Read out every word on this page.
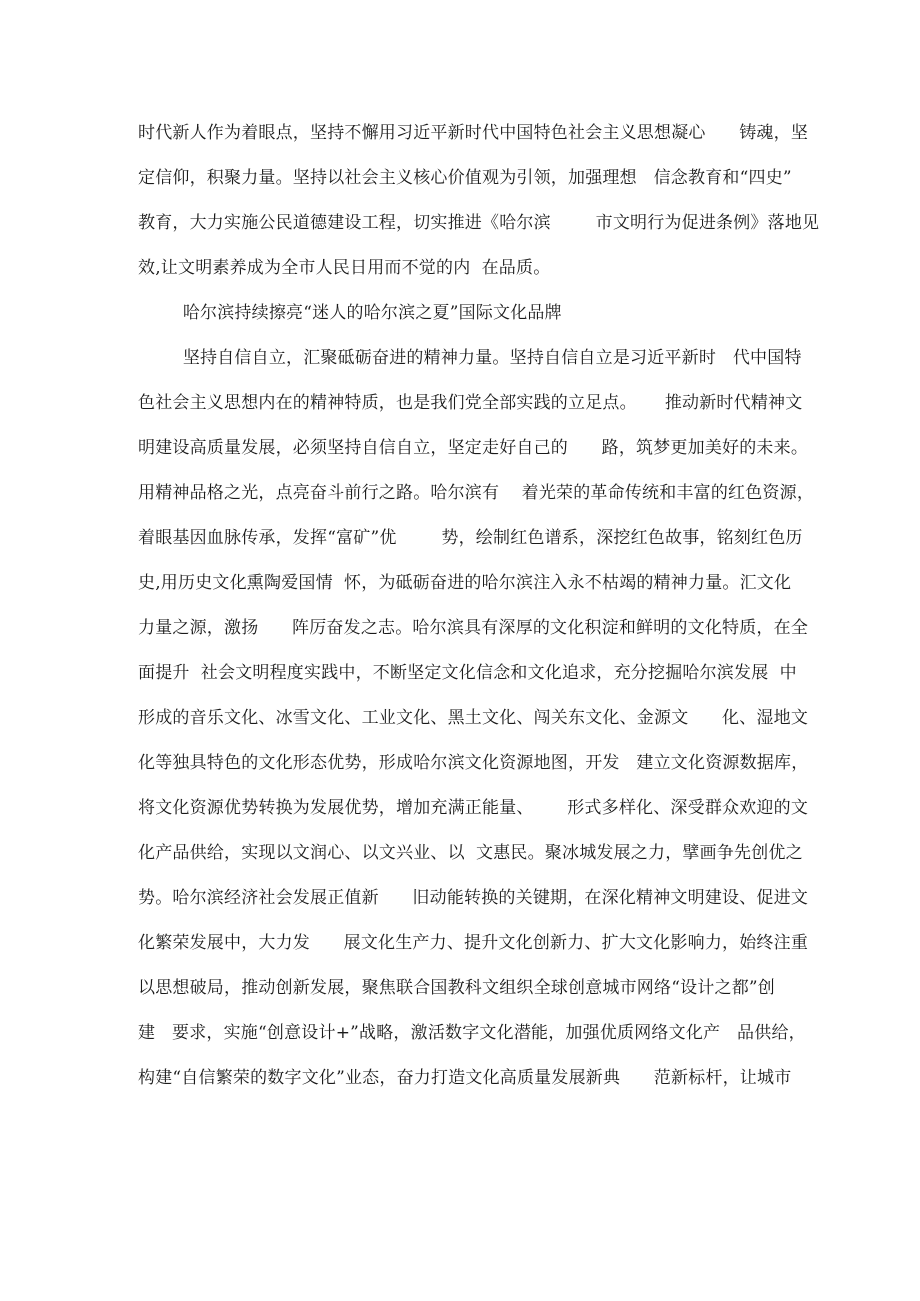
时代新人作为着眼点，坚持不懈用习近平新时代中国特色社会主义思想凝心      铸魂，坚
定信仰，积聚力量。坚持以社会主义核心价值观为引领，加强理想   信念教育和“四史”
教育，大力实施公民道德建设工程，切实推进《哈尔滨        市文明行为促进条例》落地见
效,让文明素养成为全市人民日用而不觉的内  在品质。
哈尔滨持续擦亮“迷人的哈尔滨之夏”国际文化品牌
坚持自信自立，汇聚砥砺奋进的精神力量。坚持自信自立是习近平新时   代中国特
色社会主义思想内在的精神特质，也是我们党全部实践的立足点。     推动新时代精神文
明建设高质量发展，必须坚持自信自立，坚定走好自己的      路，筑梦更加美好的未来。
用精神品格之光，点亮奋斗前行之路。哈尔滨有    着光荣的革命传统和丰富的红色资源，
着眼基因血脉传承，发挥“富矿”优        势，绘制红色谱系，深挖红色故事，铭刻红色历
史,用历史文化熏陶爱国情  怀，为砥砺奋进的哈尔滨注入永不枯竭的精神力量。汇文化
力量之源，激扬      阵厉奋发之志。哈尔滨具有深厚的文化积淀和鲜明的文化特质，在全
面提升  社会文明程度实践中，不断坚定文化信念和文化追求，充分挖掘哈尔滨发展  中
形成的音乐文化、冰雪文化、工业文化、黑土文化、闯关东文化、金源文      化、湿地文
化等独具特色的文化形态优势，形成哈尔滨文化资源地图，开发   建立文化资源数据库，
将文化资源优势转换为发展优势，增加充满正能量、      形式多样化、深受群众欢迎的文
化产品供给，实现以文润心、以文兴业、以  文惠民。聚冰城发展之力，擘画争先创优之
势。哈尔滨经济社会发展正值新      旧动能转换的关键期，在深化精神文明建设、促进文
化繁荣发展中，大力发      展文化生产力、提升文化创新力、扩大文化影响力，始终注重
以思想破局，推动创新发展，聚焦联合国教科文组织全球创意城市网络“设计之都”创
建   要求，实施“创意设计+”战略，激活数字文化潜能，加强优质网络文化产   品供给，
构建“自信繁荣的数字文化”业态，奋力打造文化高质量发展新典      范新标杆，让城市
